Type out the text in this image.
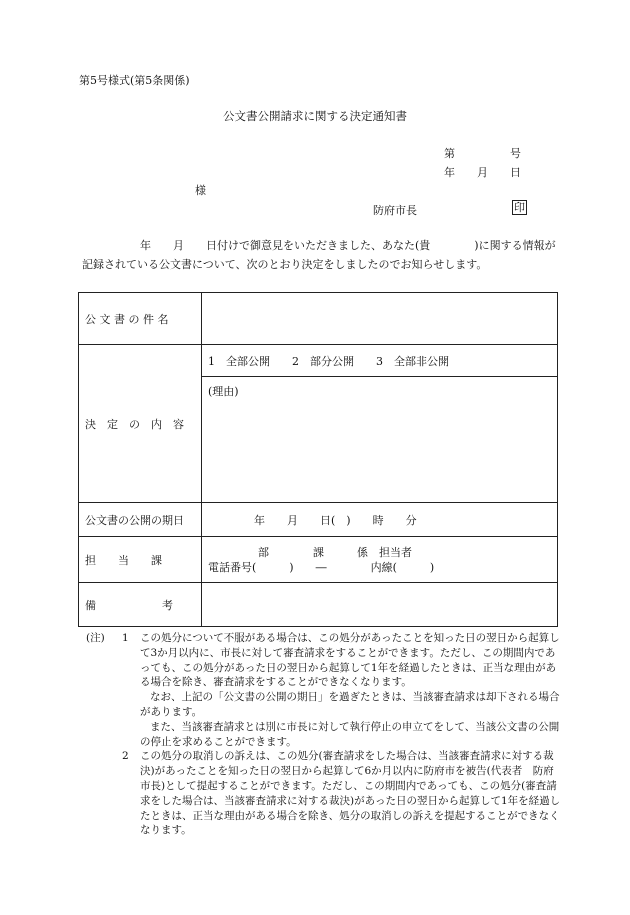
第5号様式(第5条関係)
公文書公開請求に関する決定通知書
第　　　　　号
年　　月　　日
様
防府市長	印

年　　月　　日付けで御意見をいただきました、あなた(貴　　　　)に関する情報が記録されている公文書について、次のとおり決定をしましたのでお知らせします。

公 文 書 の 件 名	
決　定　の　内　容	1　全部公開　　2　部分公開　　3　全部非公開
	(理由)
公文書の公開の期日	年　　月　　日(　)　　時　　分
担　　当　　課	部　　　　課　　　係　担当者
電話番号(　　　)　　―　　　　内線(　　　)

備　　　　　　考	
(注)	1	この処分について不服がある場合は、この処分があったことを知った日の翌日から起算して3か月以内に、市長に対して審査請求をすることができます。ただし、この期間内であっても、この処分があった日の翌日から起算して1年を経過したときは、正当な理由がある場合を除き、審査請求をすることができなくなります。
なお、上記の「公文書の公開の期日」を過ぎたときは、当該審査請求は却下される場合があります。
また、当該審査請求とは別に市長に対して執行停止の申立てをして、当該公文書の公開の停止を求めることができます。
2	この処分の取消しの訴えは、この処分(審査請求をした場合は、当該審査請求に対する裁決)があったことを知った日の翌日から起算して6か月以内に防府市を被告(代表者　防府市長)として提起することができます。ただし、この期間内であっても、この処分(審査請求をした場合は、当該審査請求に対する裁決)があった日の翌日から起算して1年を経過したときは、正当な理由がある場合を除き、処分の取消しの訴えを提起することができなくなります。
